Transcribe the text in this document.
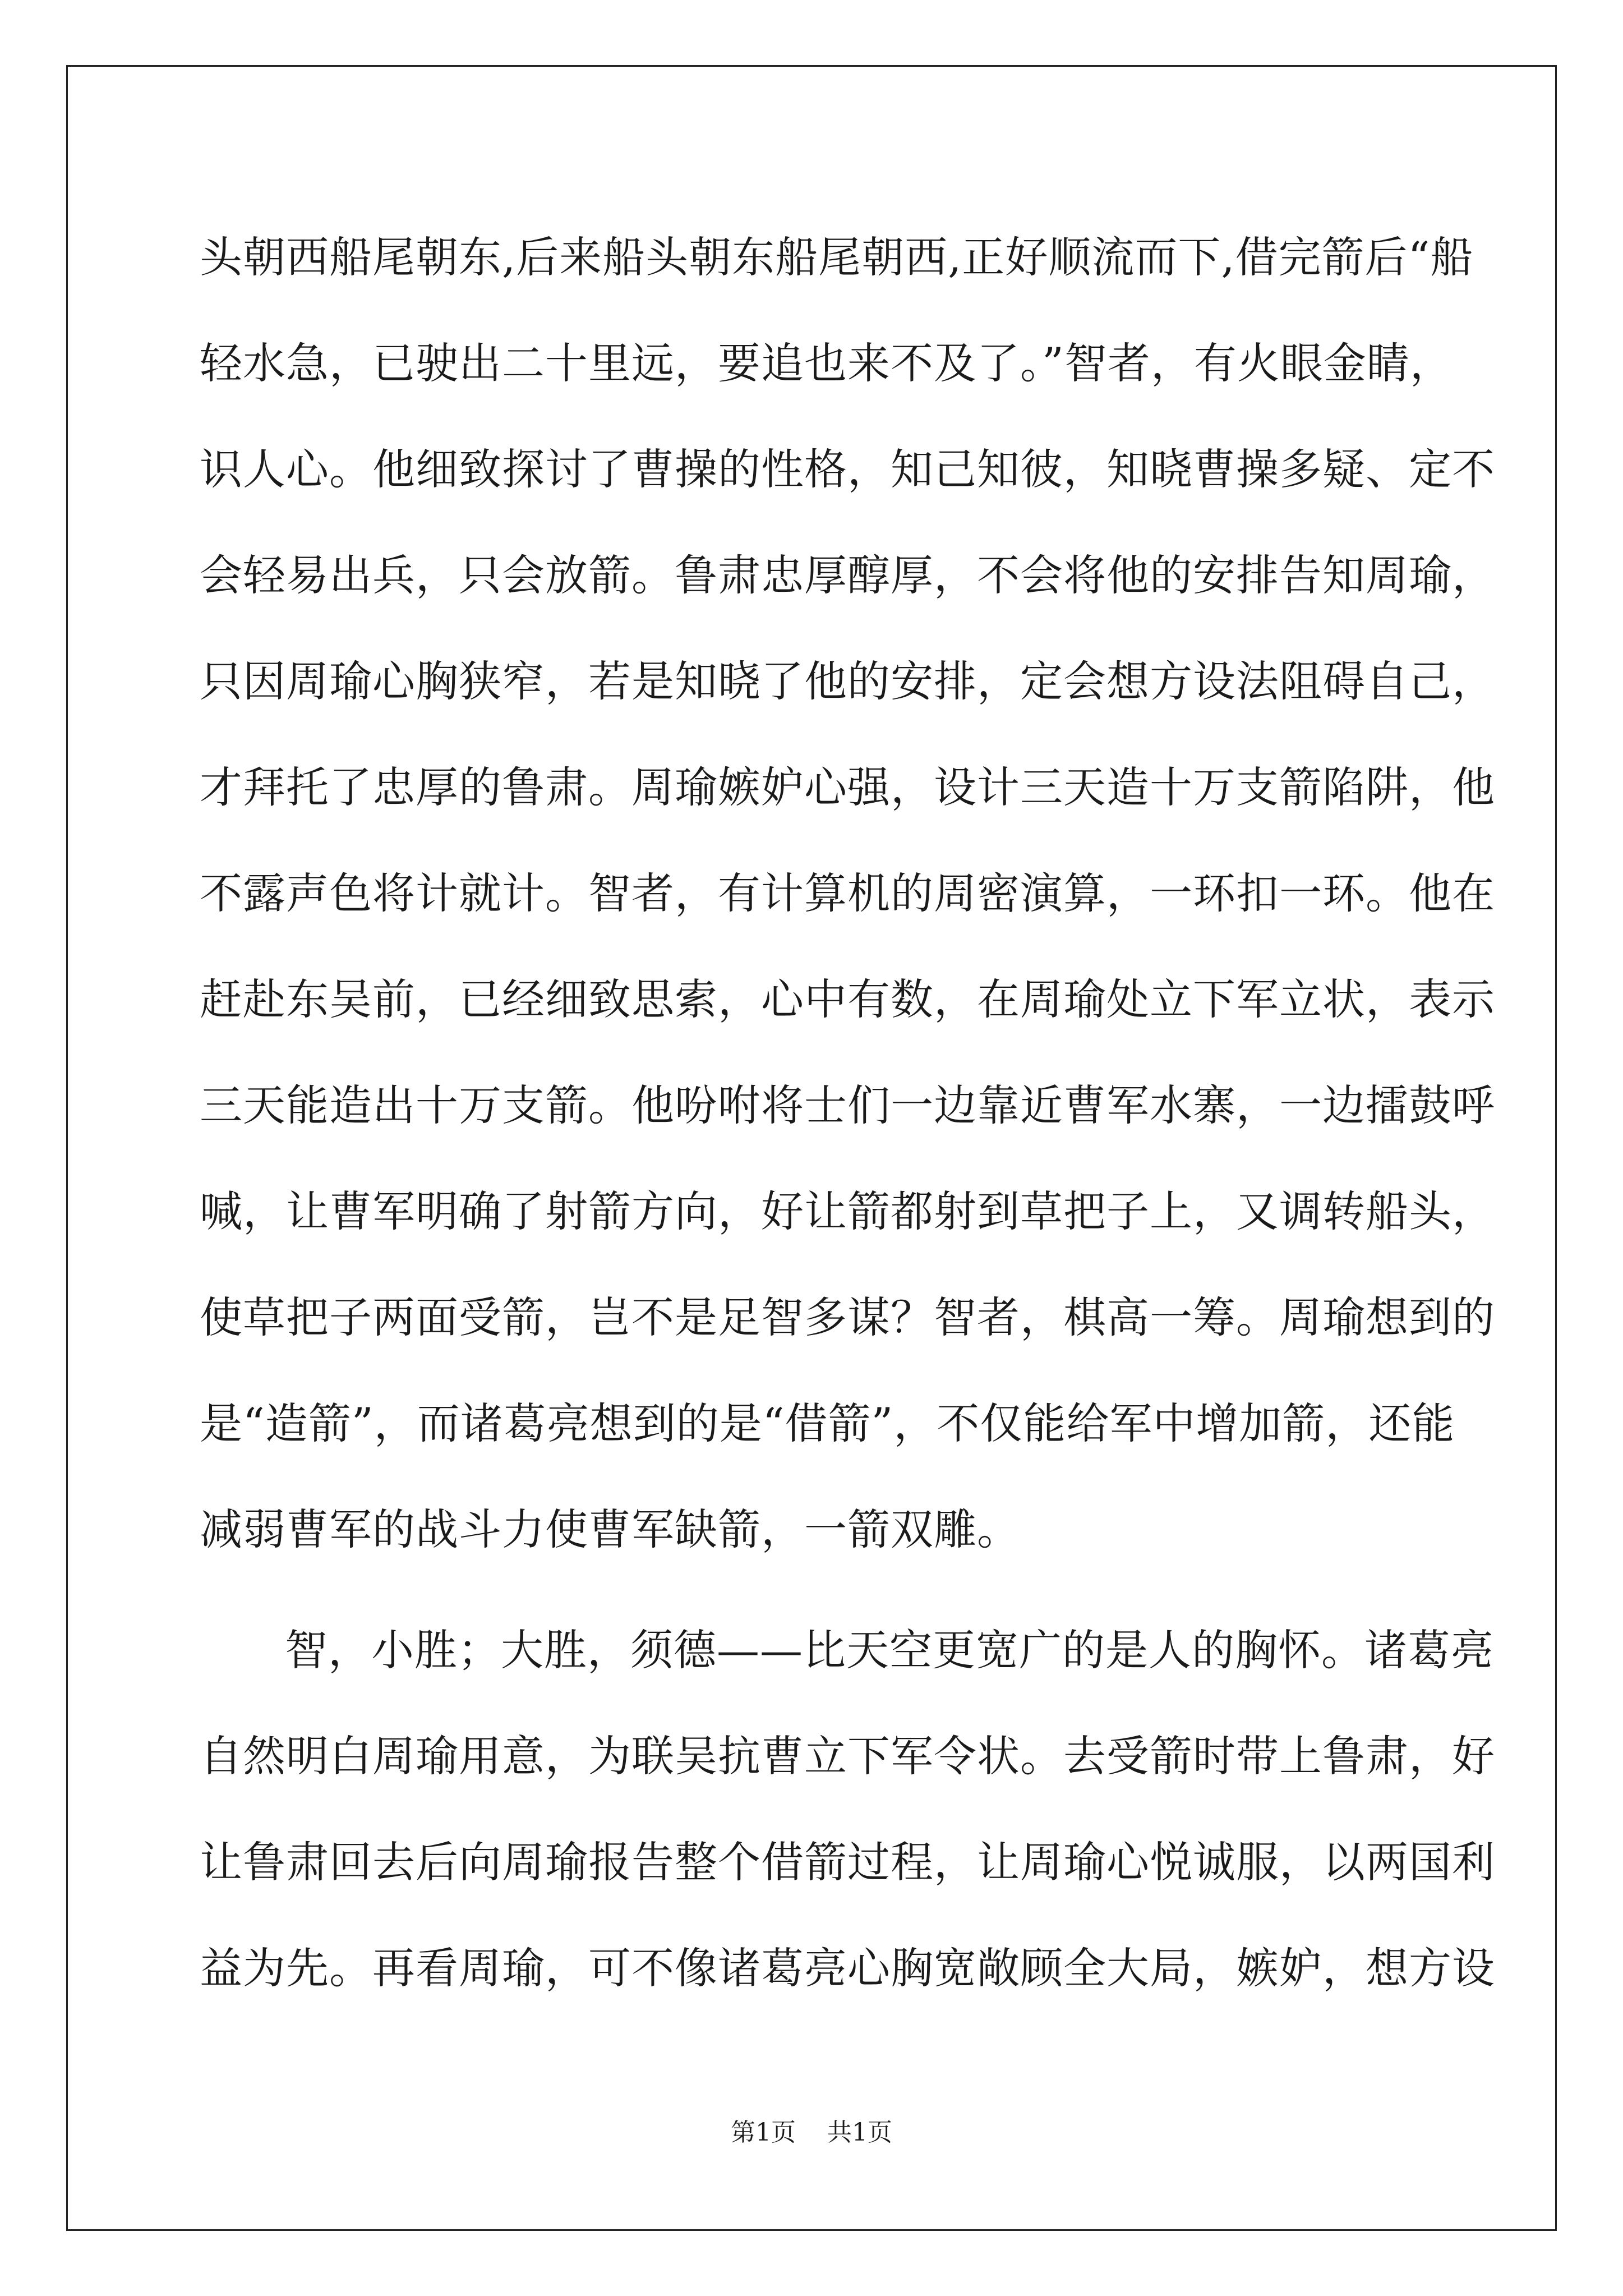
头朝西船尾朝东,后来船头朝东船尾朝西,正好顺流而下,借完箭后“船
轻水急，已驶出二十里远，要追也来不及了。”智者，有火眼金睛，
识人心。他细致探讨了曹操的性格，知己知彼，知晓曹操多疑、定不
会轻易出兵，只会放箭。鲁肃忠厚醇厚，不会将他的安排告知周瑜，
只因周瑜心胸狭窄，若是知晓了他的安排，定会想方设法阻碍自己，
才拜托了忠厚的鲁肃。周瑜嫉妒心强，设计三天造十万支箭陷阱，他
不露声色将计就计。智者，有计算机的周密演算，一环扣一环。他在
赶赴东吴前，已经细致思索，心中有数，在周瑜处立下军立状，表示
三天能造出十万支箭。他吩咐将士们一边靠近曹军水寨，一边擂鼓呼
喊，让曹军明确了射箭方向，好让箭都射到草把子上，又调转船头，
使草把子两面受箭，岂不是足智多谋？智者，棋高一筹。周瑜想到的
是“造箭”，而诸葛亮想到的是“借箭”，不仅能给军中增加箭，还能
减弱曹军的战斗力使曹军缺箭，一箭双雕。
智，小胜；大胜，须德——比天空更宽广的是人的胸怀。诸葛亮
自然明白周瑜用意，为联吴抗曹立下军令状。去受箭时带上鲁肃，好
让鲁肃回去后向周瑜报告整个借箭过程，让周瑜心悦诚服，以两国利
益为先。再看周瑜，可不像诸葛亮心胸宽敞顾全大局，嫉妒，想方设
第1页    共1页
